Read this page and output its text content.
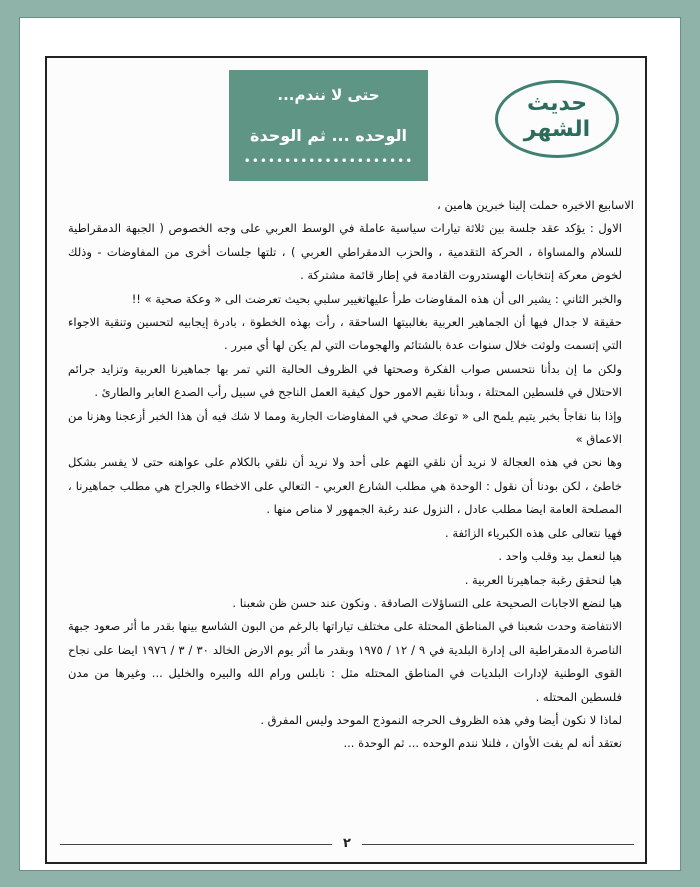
حديث
الشهر
حتى لا نندم...
الوحده ... ثم الوحدة
•••••••••••••••••••••

الاسابيع الاخيره حملت إلينا خبرين هامين ،

الاول : يؤكد عقد جلسة بين ثلاثة تيارات سياسية عاملة في الوسط العربي على وجه الخصوص ( الجبهة الدمقراطية للسلام والمساواة ، الحركة التقدمية ، والحزب الدمقراطي العربي ) ، تلتها جلسات أخرى من المفاوضات - وذلك لخوض معركة إنتخابات الهستدروت القادمة في إطار قائمة مشتركة .

والخبر الثاني : يشير الى أن هذه المفاوضات طرأ عليهاتغيير سلبي بحيث تعرضت الى « وعكة صحية » !!

حقيقة لا جدال فيها أن الجماهير العربية بغالبيتها الساحقة ، رأت بهذه الخطوة ، بادرة إيجابيه لتحسين وتنقية الاجواء التي إتسمت ولوثت خلال سنوات عدة بالشتائم والهجومات التي لم يكن لها أي مبرر .

ولكن ما إن بدأنا نتحسس صواب الفكرة وصحتها في الظروف الحالية التي تمر بها جماهيرنا العربية وتزايد جرائم الاحتلال في فلسطين المحتلة ، وبدأنا نقيم الامور حول كيفية العمل الناجح في سبيل رأب الصدع العابر والطارئ .

وإذا بنا نفاجأ بخبر يتيم يلمح الى « توعك صحي في المفاوضات الجارية ومما لا شك فيه أن هذا الخبر أزعجنا وهزنا من الاعماق »

وها نحن في هذه العجالة لا نريد أن نلقي التهم على أحد ولا نريد أن نلقي بالكلام على عواهنه حتى لا يفسر بشكل خاطئ ، لكن بودنا أن نقول : الوحدة هي مطلب الشارع العربي - التعالي على الاخطاء والجراح هي مطلب جماهيرنا ، المصلحة العامة ايضا مطلب عادل ، النزول عند رغبة الجمهور لا مناص منها .

فهيا نتعالى على هذه الكبرياء الزائفة .

هيا لنعمل بيد وقلب واحد .

هيا لنحقق رغبة جماهيرنا العربية .

هيا لنضع الاجابات الصحيحة على التساؤلات الصادقة . ونكون عند حسن ظن شعبنا .

الانتفاضة وحدت شعبنا في المناطق المحتلة على مختلف تياراتها بالرغم من البون الشاسع بينها بقدر ما أثر صعود جبهة الناصرة الدمقراطية الى إدارة البلدية في ٩ / ١٢ / ١٩٧٥ وبقدر ما أثر يوم الارض الخالد ٣٠ / ٣ / ١٩٧٦ ايضا على نجاح القوى الوطنية لإدارات البلديات في المناطق المحتله مثل : نابلس ورام الله والبيره والخليل ... وغيرها من مدن فلسطين المحتله .

لماذا لا نكون أيضا وفي هذه الظروف الحرجه النموذج الموحد وليس المفرق .

نعتقد أنه لم يفت الأوان ، فلنلا نندم الوحده ... ثم الوحدة ...

٢
